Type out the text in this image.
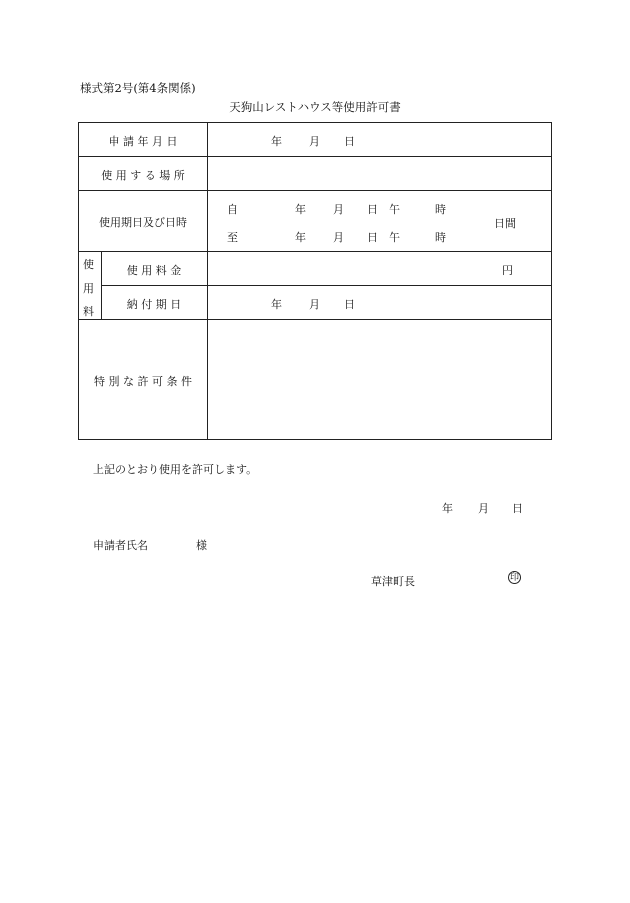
様式第2号(第4条関係)
天狗山レストハウス等使用許可書
申 請 年 月 日	年 月 日
使 用 す る 場 所
使用期日及び日時
自	年 月 日 午	時
至	年 月 日 午	時
日間
使
用
料
使 用 料 金	円
納 付 期 日	年 月 日
特 別 な 許 可 条 件
上記のとおり使用を許可します。
年 月 日
申請者氏名	様
草津町長	印
